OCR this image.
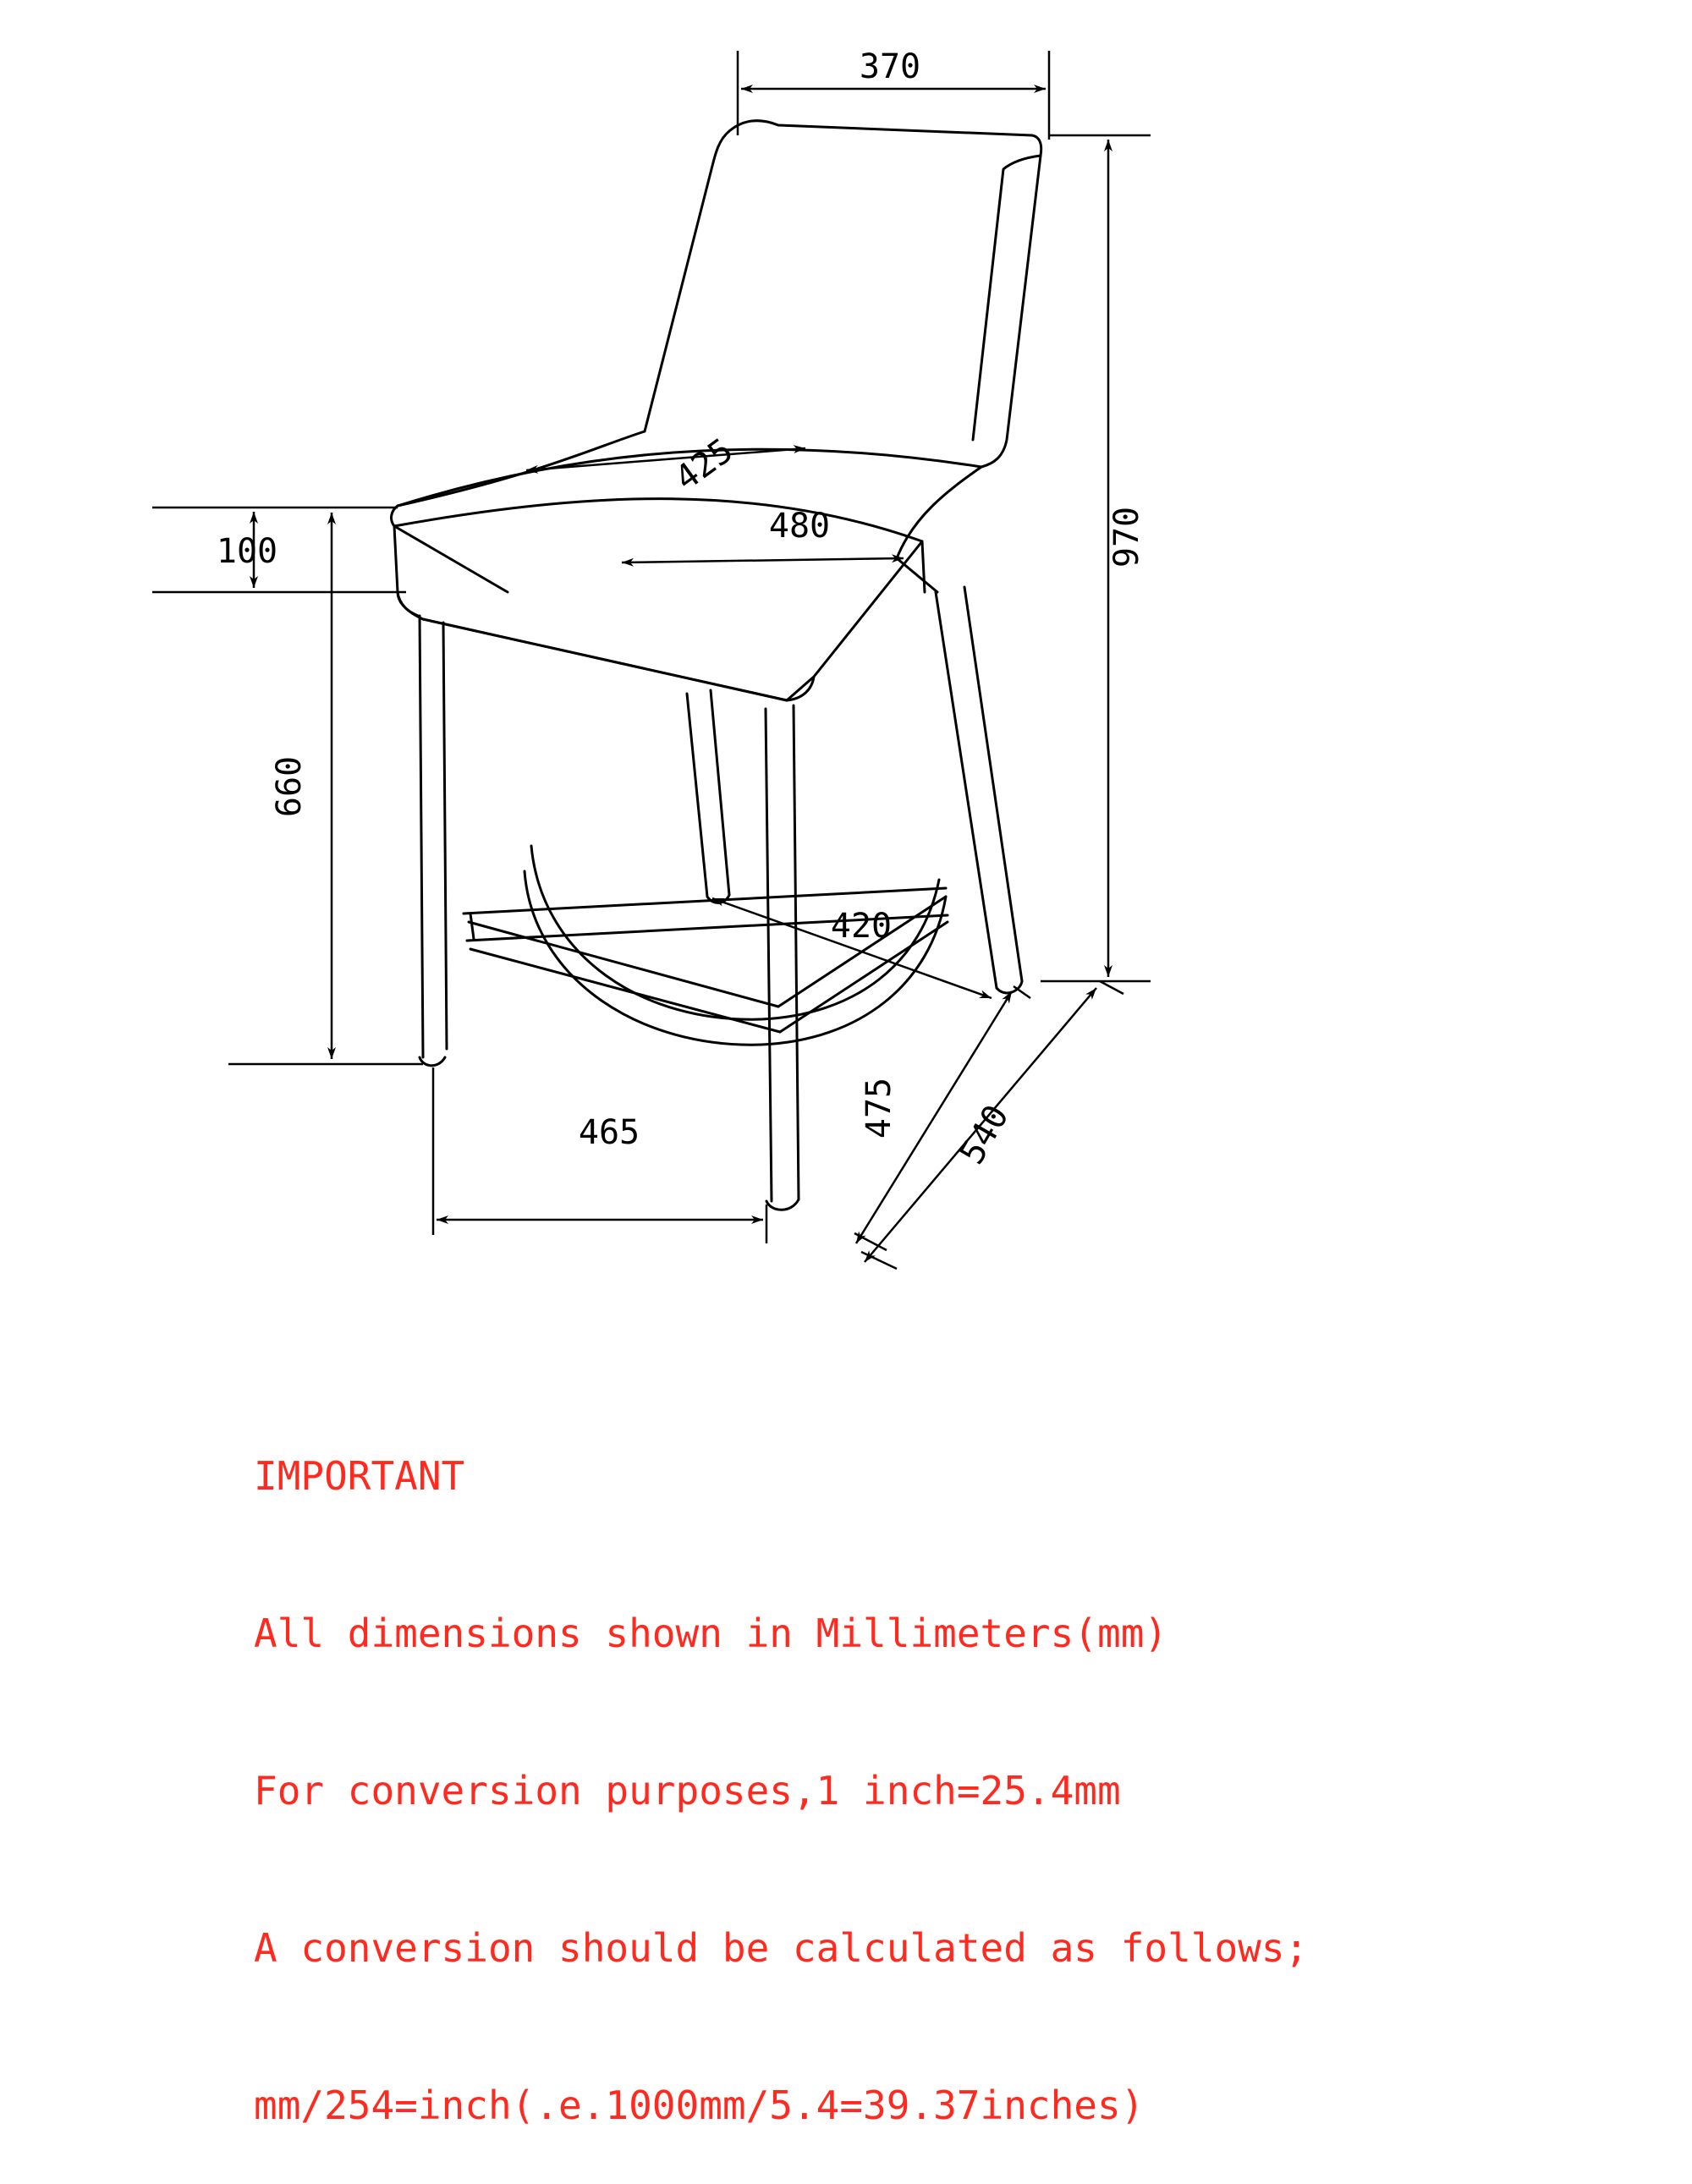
370
970
100
660
425
480
420
465	475 540

IMPORTANT

All dimensions shown in Millimeters(mm)

For conversion purposes,1 inch=25.4mm

A conversion should be calculated as follows;

mm/254=inch(.e.1000mm/5.4=39.37inches)
